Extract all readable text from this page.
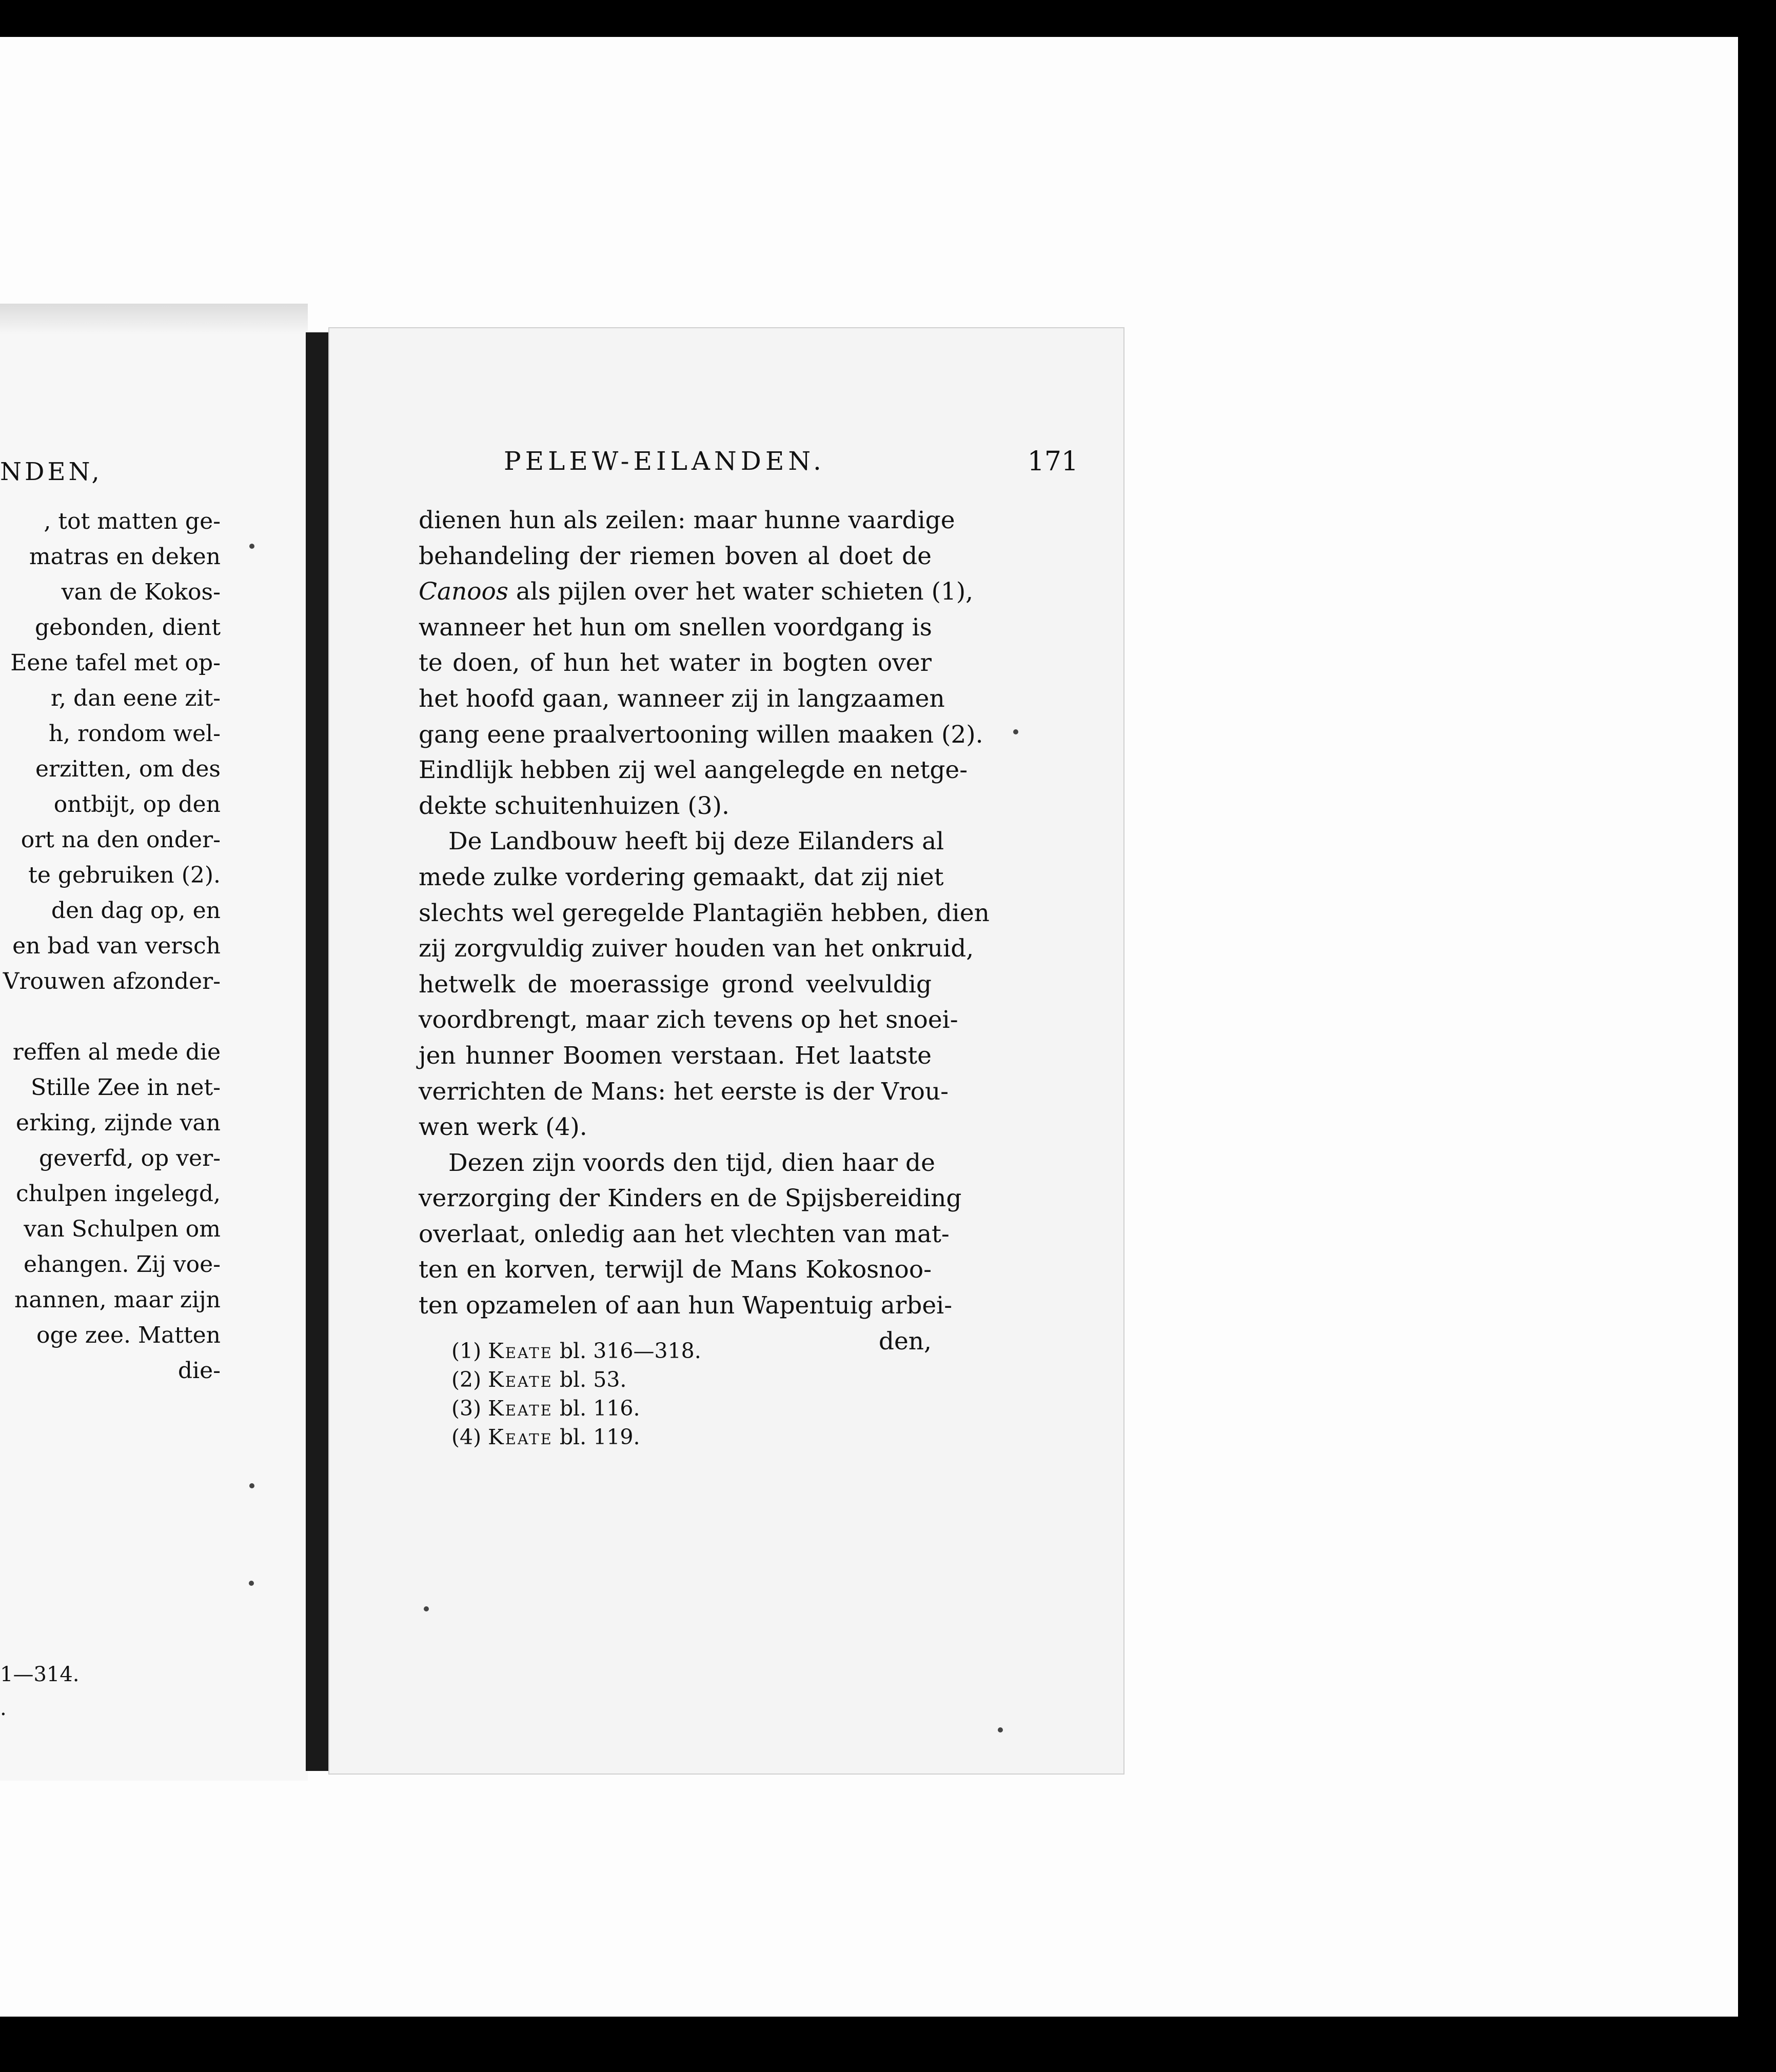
NDEN,
, tot matten ge-
matras en deken
van de Kokos-
gebonden, dient
Eene tafel met op-
r, dan eene zit-
h, rondom wel-
erzitten, om des
ontbijt, op den
ort na den onder-
te gebruiken (2).
den dag op, en
en bad van versch
Vrouwen afzonder-

reffen al mede die
Stille Zee in net-
erking, zijnde van
geverfd, op ver-
chulpen ingelegd,
van Schulpen om
ehangen. Zij voe-
nannen, maar zijn
oge zee. Matten
die-
1—314.
.
PELEW-EILANDEN.	171
dienen hun als zeilen: maar hunne vaardige
behandeling der riemen boven al doet de
Canoos als pijlen over het water schieten (1),
wanneer het hun om snellen voordgang is
te doen, of hun het water in bogten over
het hoofd gaan, wanneer zij in langzaamen
gang eene praalvertooning willen maaken (2).
Eindlijk hebben zij wel aangelegde en netge-
dekte schuitenhuizen (3).
De Landbouw heeft bij deze Eilanders al
mede zulke vordering gemaakt, dat zij niet
slechts wel geregelde Plantagiën hebben, dien
zij zorgvuldig zuiver houden van het onkruid,
hetwelk de moerassige grond veelvuldig
voordbrengt, maar zich tevens op het snoei-
jen hunner Boomen verstaan. Het laatste
verrichten de Mans: het eerste is der Vrou-
wen werk (4).
Dezen zijn voords den tijd, dien haar de
verzorging der Kinders en de Spijsbereiding
overlaat, onledig aan het vlechten van mat-
ten en korven, terwijl de Mans Kokosnoo-
ten opzamelen of aan hun Wapentuig arbei-
den,
(1) Keate bl. 316—318.
(2) Keate bl. 53.
(3) Keate bl. 116.
(4) Keate bl. 119.
